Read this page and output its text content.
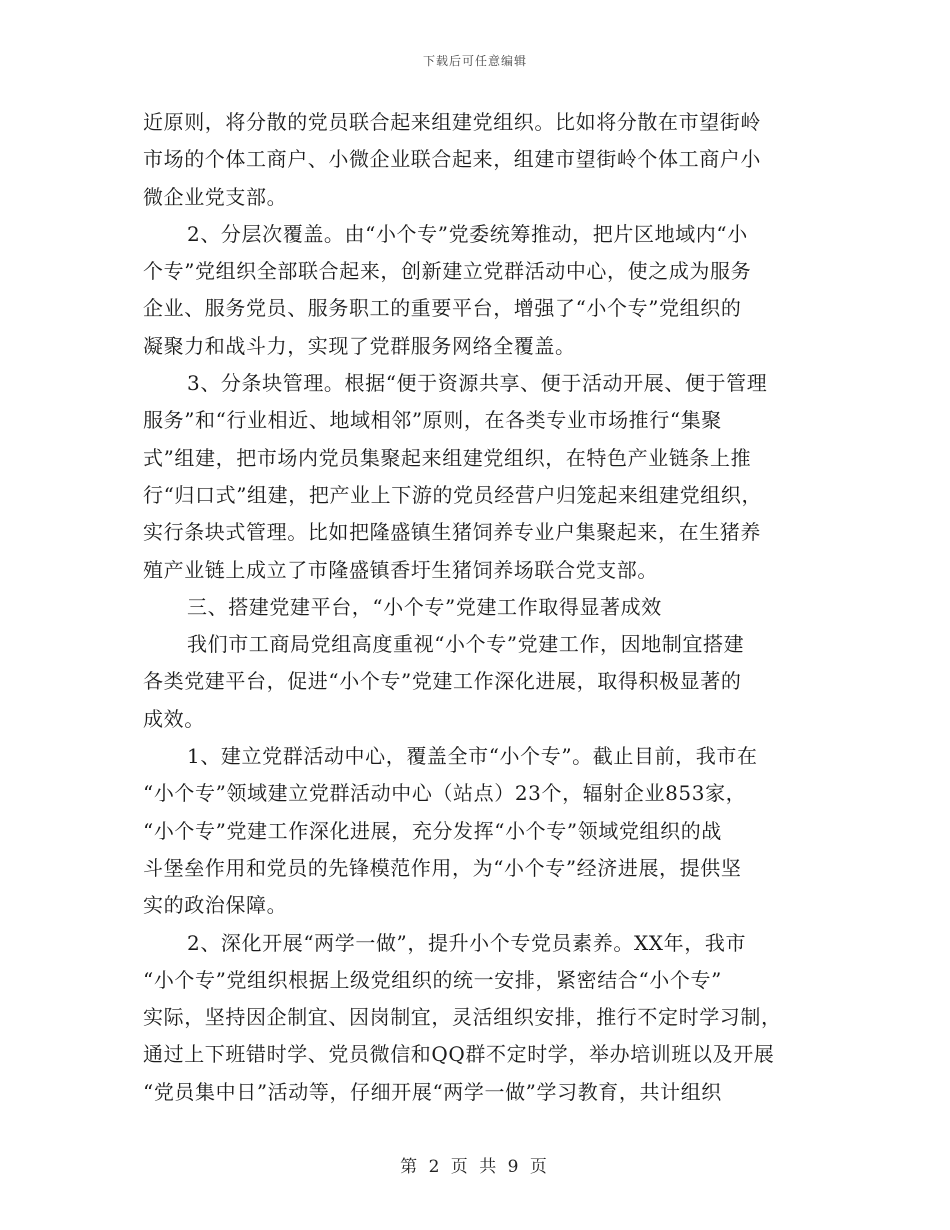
下载后可任意编辑
近原则，将分散的党员联合起来组建党组织。比如将分散在市望街岭
市场的个体工商户、小微企业联合起来，组建市望街岭个体工商户小
微企业党支部。
2、分层次覆盖。由“小个专”党委统筹推动，把片区地域内“小
个专”党组织全部联合起来，创新建立党群活动中心，使之成为服务
企业、服务党员、服务职工的重要平台，增强了“小个专”党组织的
凝聚力和战斗力，实现了党群服务网络全覆盖。
3、分条块管理。根据“便于资源共享、便于活动开展、便于管理
服务”和“行业相近、地域相邻”原则，在各类专业市场推行“集聚
式”组建，把市场内党员集聚起来组建党组织，在特色产业链条上推
行“归口式”组建，把产业上下游的党员经营户归笼起来组建党组织，
实行条块式管理。比如把隆盛镇生猪饲养专业户集聚起来，在生猪养
殖产业链上成立了市隆盛镇香圩生猪饲养场联合党支部。
三、搭建党建平台，“小个专”党建工作取得显著成效
我们市工商局党组高度重视“小个专”党建工作，因地制宜搭建
各类党建平台，促进“小个专”党建工作深化进展，取得积极显著的
成效。
1、建立党群活动中心，覆盖全市“小个专”。截止目前，我市在
“小个专”领域建立党群活动中心（站点）23个，辐射企业853家，
“小个专”党建工作深化进展，充分发挥“小个专”领域党组织的战
斗堡垒作用和党员的先锋模范作用，为“小个专”经济进展，提供坚
实的政治保障。
2、深化开展“两学一做”，提升小个专党员素养。XX年，我市
“小个专”党组织根据上级党组织的统一安排，紧密结合“小个专”
实际，坚持因企制宜、因岗制宜，灵活组织安排，推行不定时学习制，
通过上下班错时学、党员微信和QQ群不定时学，举办培训班以及开展
“党员集中日”活动等，仔细开展“两学一做”学习教育，共计组织
第 2 页 共 9 页
